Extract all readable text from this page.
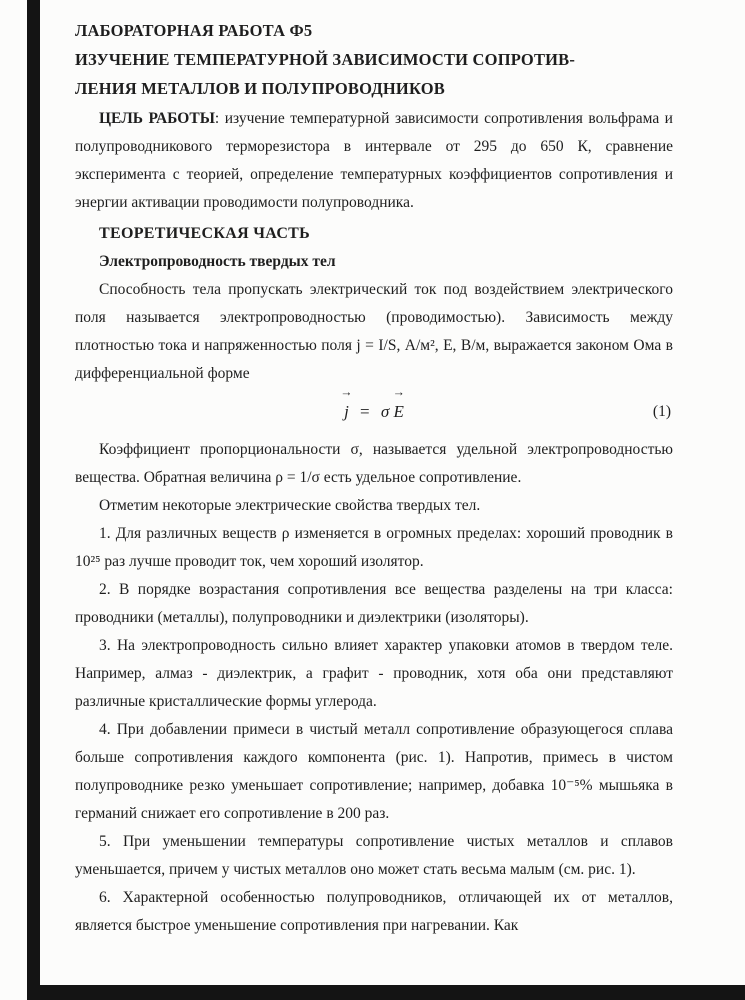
ЛАБОРАТОРНАЯ РАБОТА Ф5
ИЗУЧЕНИЕ ТЕМПЕРАТУРНОЙ ЗАВИСИМОСТИ СОПРОТИВ-
ЛЕНИЯ МЕТАЛЛОВ И ПОЛУПРОВОДНИКОВ

ЦЕЛЬ РАБОТЫ: изучение температурной зависимости сопротивления вольфрама и полупроводникового терморезистора в интервале от 295 до 650 К, сравнение эксперимента с теорией, определение температурных коэффициентов сопротивления и энергии активации проводимости полупроводника.

ТЕОРЕТИЧЕСКАЯ ЧАСТЬ
Электропроводность твердых тел

Способность тела пропускать электрический ток под воздействием электрического поля называется электропроводностью (проводимостью). Зависимость между плотностью тока и напряженностью поля j = I/S, А/м², E, В/м, выражается законом Ома в дифференциальной форме

→
j = σ
→
E	(1)

Коэффициент пропорциональности σ, называется удельной электропроводностью вещества. Обратная величина ρ = 1/σ есть удельное сопротивление.

Отметим некоторые электрические свойства твердых тел.

1. Для различных веществ ρ изменяется в огромных пределах: хороший проводник в 10²⁵ раз лучше проводит ток, чем хороший изолятор.

2. В порядке возрастания сопротивления все вещества разделены на три класса: проводники (металлы), полупроводники и диэлектрики (изоляторы).

3. На электропроводность сильно влияет характер упаковки атомов в твердом теле. Например, алмаз - диэлектрик, а графит - проводник, хотя оба они представляют различные кристаллические формы углерода.

4. При добавлении примеси в чистый металл сопротивление образующегося сплава больше сопротивления каждого компонента (рис. 1). Напротив, примесь в чистом полупроводнике резко уменьшает сопротивление; например, добавка 10⁻⁵% мышьяка в германий снижает его сопротивление в 200 раз.

5. При уменьшении температуры сопротивление чистых металлов и сплавов уменьшается, причем у чистых металлов оно может стать весьма малым (см. рис. 1).

6. Характерной особенностью полупроводников, отличающей их от металлов, является быстрое уменьшение сопротивления при нагревании. Как
